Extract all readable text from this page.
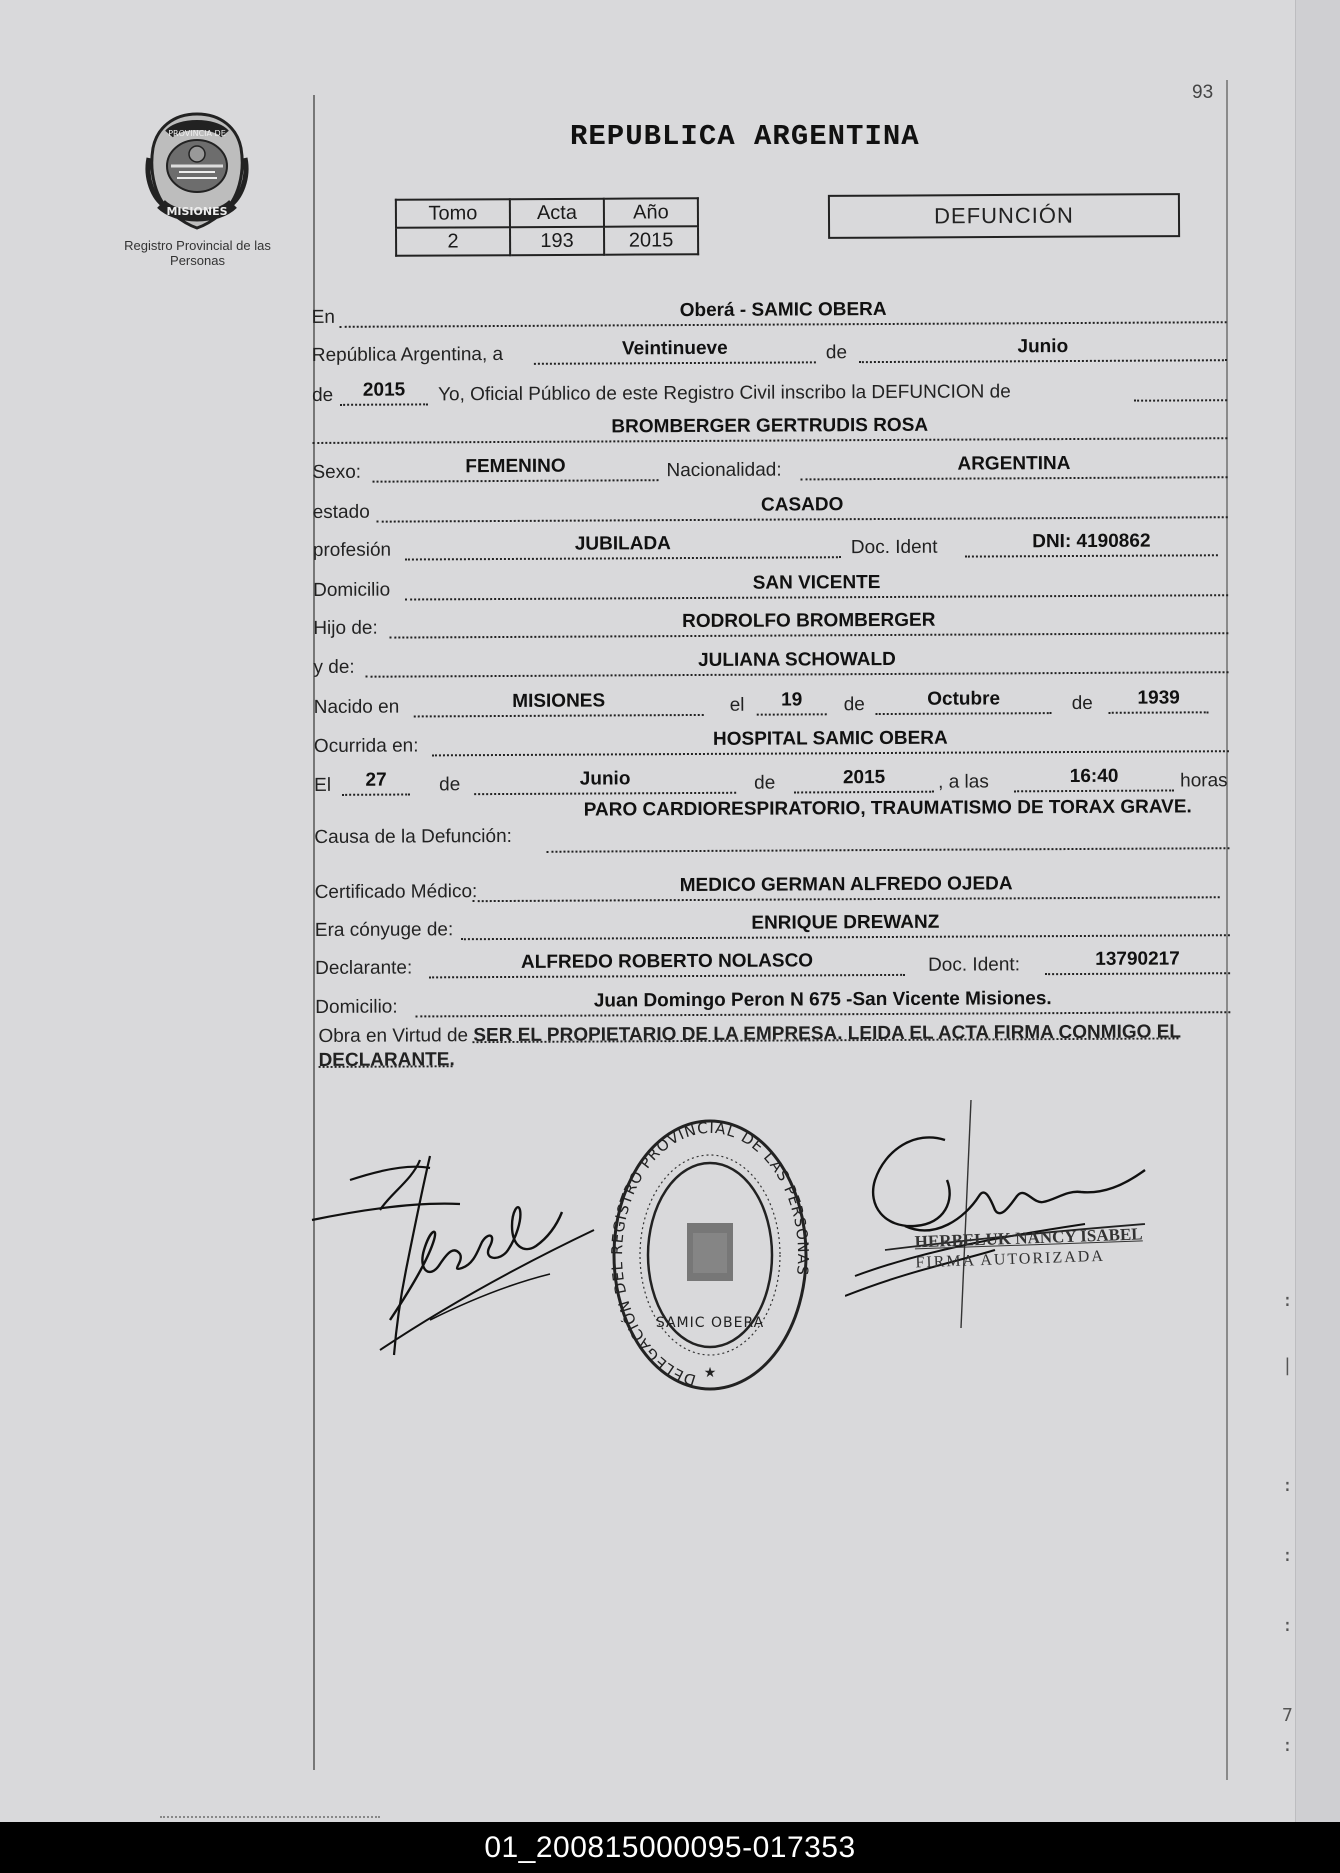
:
|
:
:
:
7
:
PROVINCIA DE
MISIONES
Registro Provincial de las Personas
93
REPUBLICA ARGENTINA
Tomo	Acta	Año
2	193	2015
DEFUNCIÓN
En	Oberá - SAMIC OBERA
República Argentina, a	Veintinueve	de	Junio
de	2015	Yo, Oficial Público de este Registro Civil inscribo la DEFUNCION de
BROMBERGER GERTRUDIS ROSA
Sexo:	FEMENINO	Nacionalidad:	ARGENTINA
estado	CASADO
profesión	JUBILADA	Doc. Ident	DNI: 4190862
Domicilio	SAN VICENTE
Hijo de:	RODROLFO BROMBERGER
y de:	JULIANA SCHOWALD
Nacido en	MISIONES	el	19	de	Octubre	de	1939
Ocurrida en:	HOSPITAL SAMIC OBERA
El	27	de	Junio	de	2015	, a las	16:40	horas
Causa de la Defunción:
PARO CARDIORESPIRATORIO, TRAUMATISMO DE TORAX GRAVE.
Certificado Médico:	MEDICO GERMAN ALFREDO OJEDA
Era cónyuge de:	ENRIQUE DREWANZ
Declarante:	ALFREDO ROBERTO NOLASCO	Doc. Ident:	13790217
Domicilio:	Juan Domingo Peron N 675 -San Vicente Misiones.
Obra en Virtud de SER EL PROPIETARIO DE LA EMPRESA. LEIDA EL ACTA FIRMA CONMIGO EL DECLARANTE.
DELEGACIÓN DEL REGISTRO PROVINCIAL DE LAS PERSONAS
SAMIC OBERA
★
HERBELUK NANCY ISABEL
FIRMA AUTORIZADA
01_200815000095-017353
